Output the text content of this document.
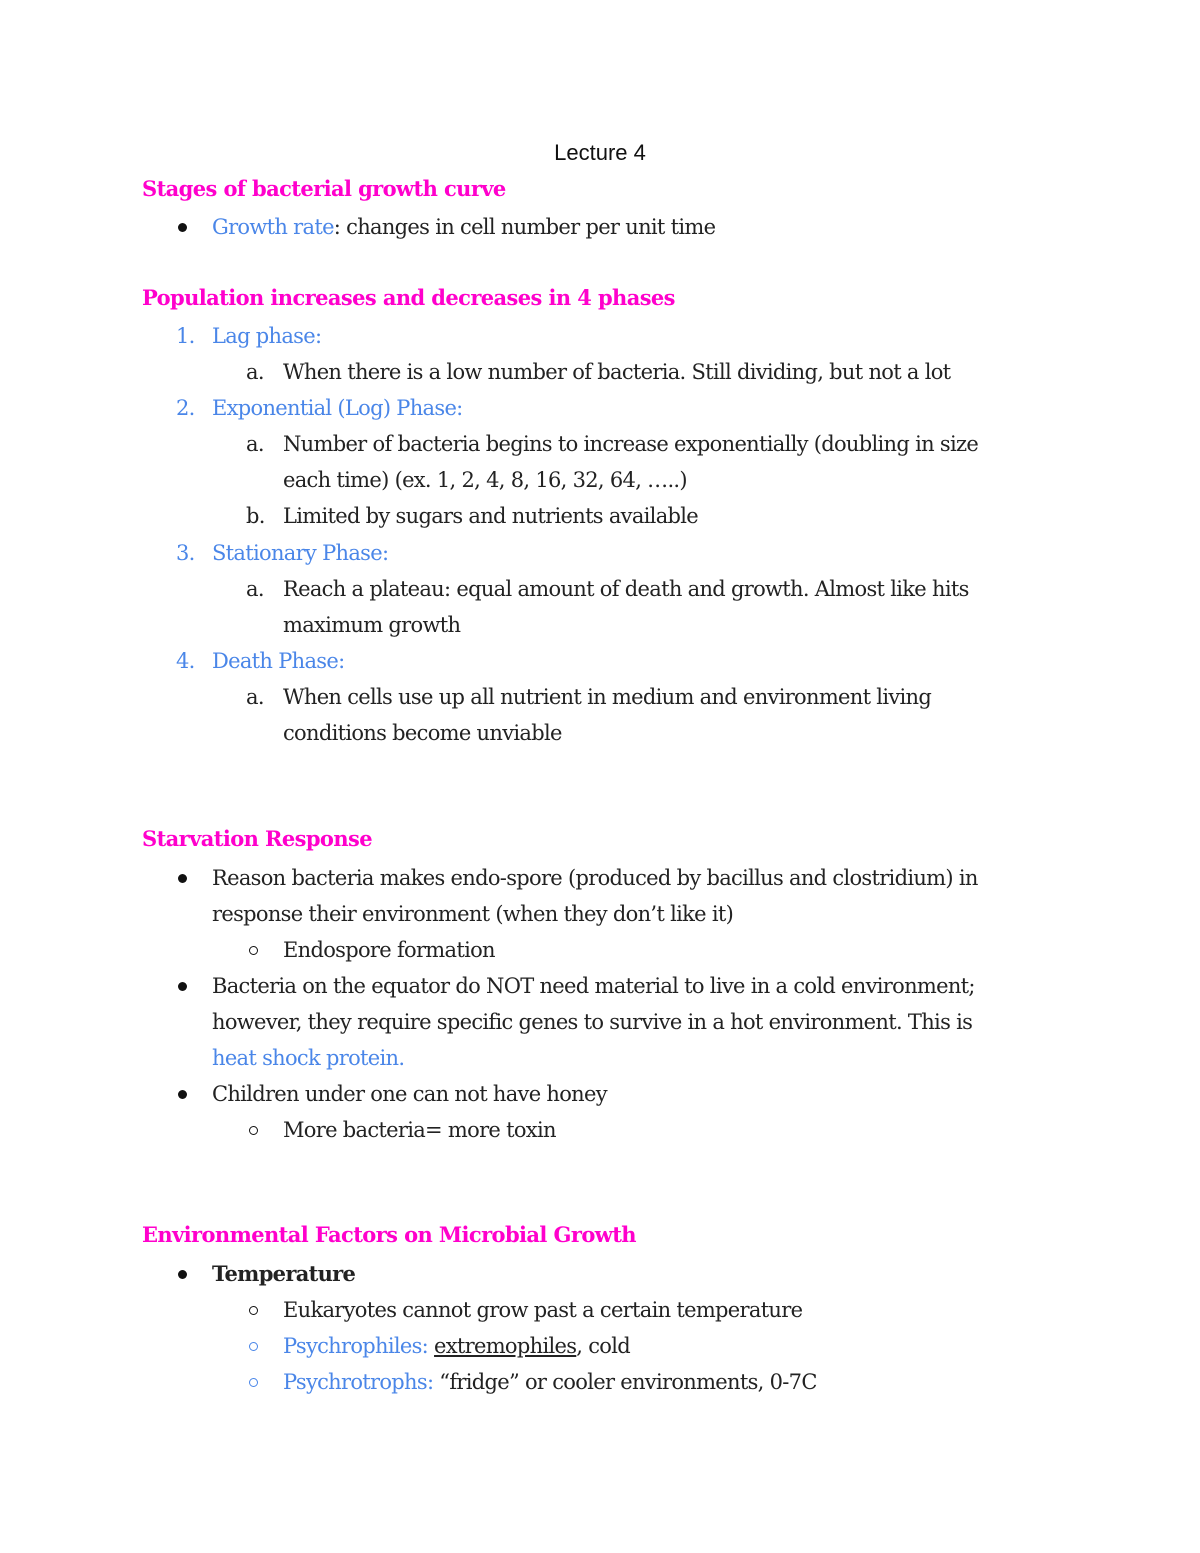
Lecture 4
Stages of bacterial growth curve
Growth rate: changes in cell number per unit time
Population increases and decreases in 4 phases
1. Lag phase:
a. When there is a low number of bacteria. Still dividing, but not a lot
2. Exponential (Log) Phase:
a. Number of bacteria begins to increase exponentially (doubling in size
each time) (ex. 1, 2, 4, 8, 16, 32, 64, …..)
b. Limited by sugars and nutrients available
3. Stationary Phase:
a. Reach a plateau: equal amount of death and growth. Almost like hits
maximum growth
4. Death Phase:
a. When cells use up all nutrient in medium and environment living
conditions become unviable
Starvation Response
Reason bacteria makes endo-spore (produced by bacillus and clostridium) in
response their environment (when they don’t like it)
Endospore formation
Bacteria on the equator do NOT need material to live in a cold environment;
however, they require specific genes to survive in a hot environment. This is
heat shock protein.
Children under one can not have honey
More bacteria= more toxin
Environmental Factors on Microbial Growth
Temperature
Eukaryotes cannot grow past a certain temperature
Psychrophiles: extremophiles, cold
Psychrotrophs: “fridge” or cooler environments, 0-7C
